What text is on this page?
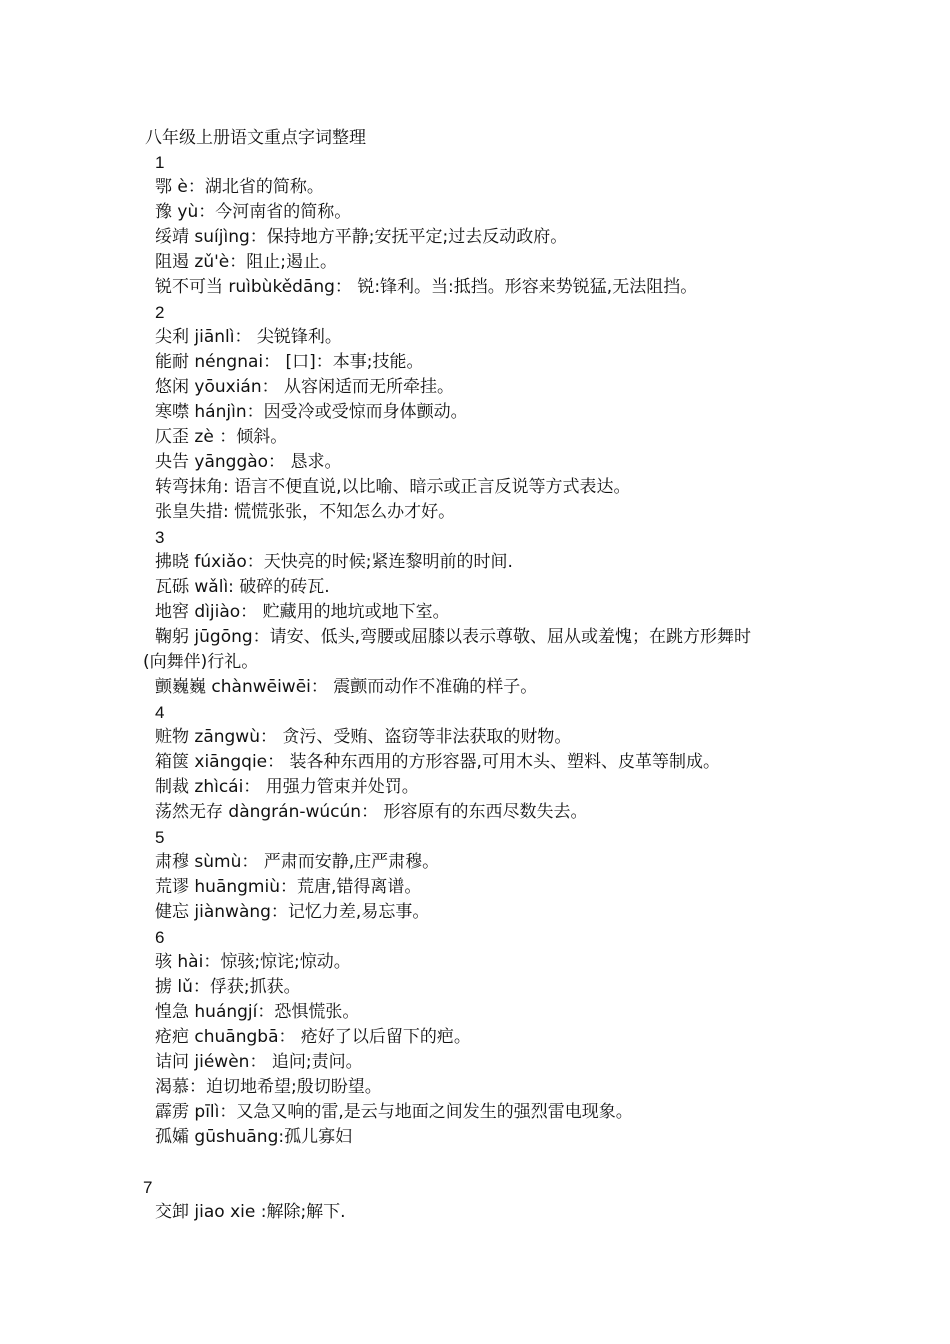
八年级上册语文重点字词整理
1
鄂 è：湖北省的简称。
豫 yù：今河南省的简称。
绥靖 suíjìng：保持地方平静;安抚平定;过去反动政府。
阻遏 zǔ'è：阻止;遏止。
锐不可当 ruìbùkědāng： 锐:锋利。当:抵挡。形容来势锐猛,无法阻挡。
2
尖利 jiānlì： 尖锐锋利。
能耐 néngnai： [口]：本事;技能。
悠闲 yōuxián： 从容闲适而无所牵挂。
寒噤 hánjìn：因受冷或受惊而身体颤动。
仄歪 zè ：倾斜。
央告 yānggào： 恳求。
转弯抹角: 语言不便直说,以比喻、暗示或正言反说等方式表达。
张皇失措: 慌慌张张，不知怎么办才好。
3
拂晓 fúxiǎo：天快亮的时候;紧连黎明前的时间.
瓦砾 wǎlì: 破碎的砖瓦.
地窖 dìjiào： 贮藏用的地坑或地下室。
鞠躬 jūgōng：请安、低头,弯腰或屈膝以表示尊敬、屈从或羞愧；在跳方形舞时
(向舞伴)行礼。
颤巍巍 chànwēiwēi： 震颤而动作不准确的样子。
4
赃物 zāngwù： 贪污、受贿、盗窃等非法获取的财物。
箱箧 xiāngqie： 装各种东西用的方形容器,可用木头、塑料、皮革等制成。
制裁 zhìcái： 用强力管束并处罚。
荡然无存 dàngrán-wúcún： 形容原有的东西尽数失去。
5
肃穆 sùmù： 严肃而安静,庄严肃穆。
荒谬 huāngmiù：荒唐,错得离谱。
健忘 jiànwàng：记忆力差,易忘事。
6
骇 hài：惊骇;惊诧;惊动。
掳 lǔ：俘获;抓获。
惶急 huángjí：恐惧慌张。
疮疤 chuāngbā： 疮好了以后留下的疤。
诘问 jiéwèn： 追问;责问。
渴慕：迫切地希望;殷切盼望。
霹雳 pīlì：又急又响的雷,是云与地面之间发生的强烈雷电现象。
孤孀 gūshuāng:孤儿寡妇
7
交卸 jiao xie :解除;解下.
